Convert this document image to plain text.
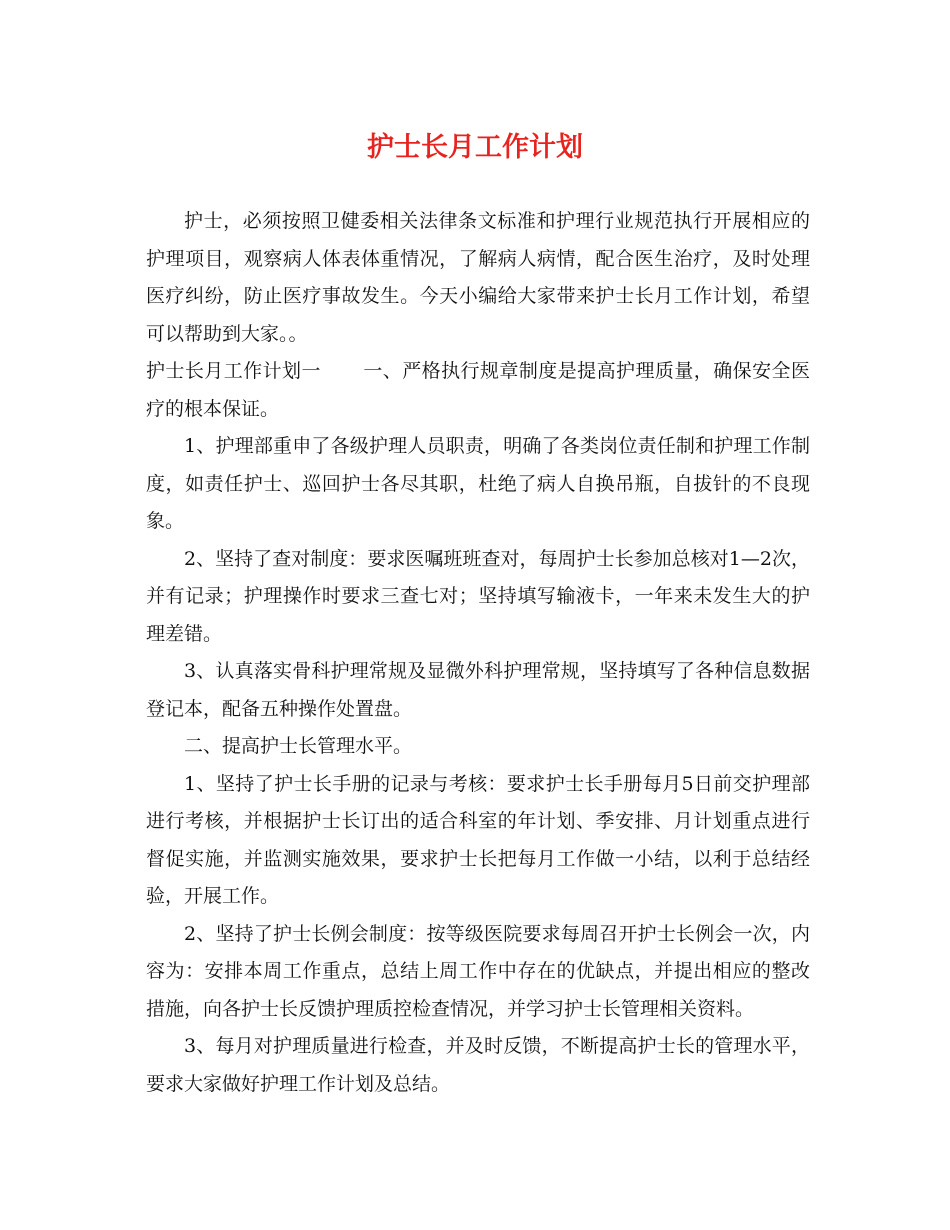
护士长月工作计划

护士，必须按照卫健委相关法律条文标准和护理行业规范执行开展相应的护理项目，观察病人体表体重情况，了解病人病情，配合医生治疗，及时处理医疗纠纷，防止医疗事故发生。今天小编给大家带来护士长月工作计划，希望可以帮助到大家。。

护士长月工作计划一 一、严格执行规章制度是提高护理质量，确保安全医疗的根本保证。

1、护理部重申了各级护理人员职责，明确了各类岗位责任制和护理工作制度，如责任护士、巡回护士各尽其职，杜绝了病人自换吊瓶，自拔针的不良现象。

2、坚持了查对制度：要求医嘱班班查对，每周护士长参加总核对1—2次，并有记录；护理操作时要求三查七对；坚持填写输液卡，一年来未发生大的护理差错。

3、认真落实骨科护理常规及显微外科护理常规，坚持填写了各种信息数据登记本，配备五种操作处置盘。

二、提高护士长管理水平。

1、坚持了护士长手册的记录与考核：要求护士长手册每月5日前交护理部进行考核，并根据护士长订出的适合科室的年计划、季安排、月计划重点进行督促实施，并监测实施效果，要求护士长把每月工作做一小结，以利于总结经验，开展工作。

2、坚持了护士长例会制度：按等级医院要求每周召开护士长例会一次，内容为：安排本周工作重点，总结上周工作中存在的优缺点，并提出相应的整改措施，向各护士长反馈护理质控检查情况，并学习护士长管理相关资料。

3、每月对护理质量进行检查，并及时反馈，不断提高护士长的管理水平，要求大家做好护理工作计划及总结。
